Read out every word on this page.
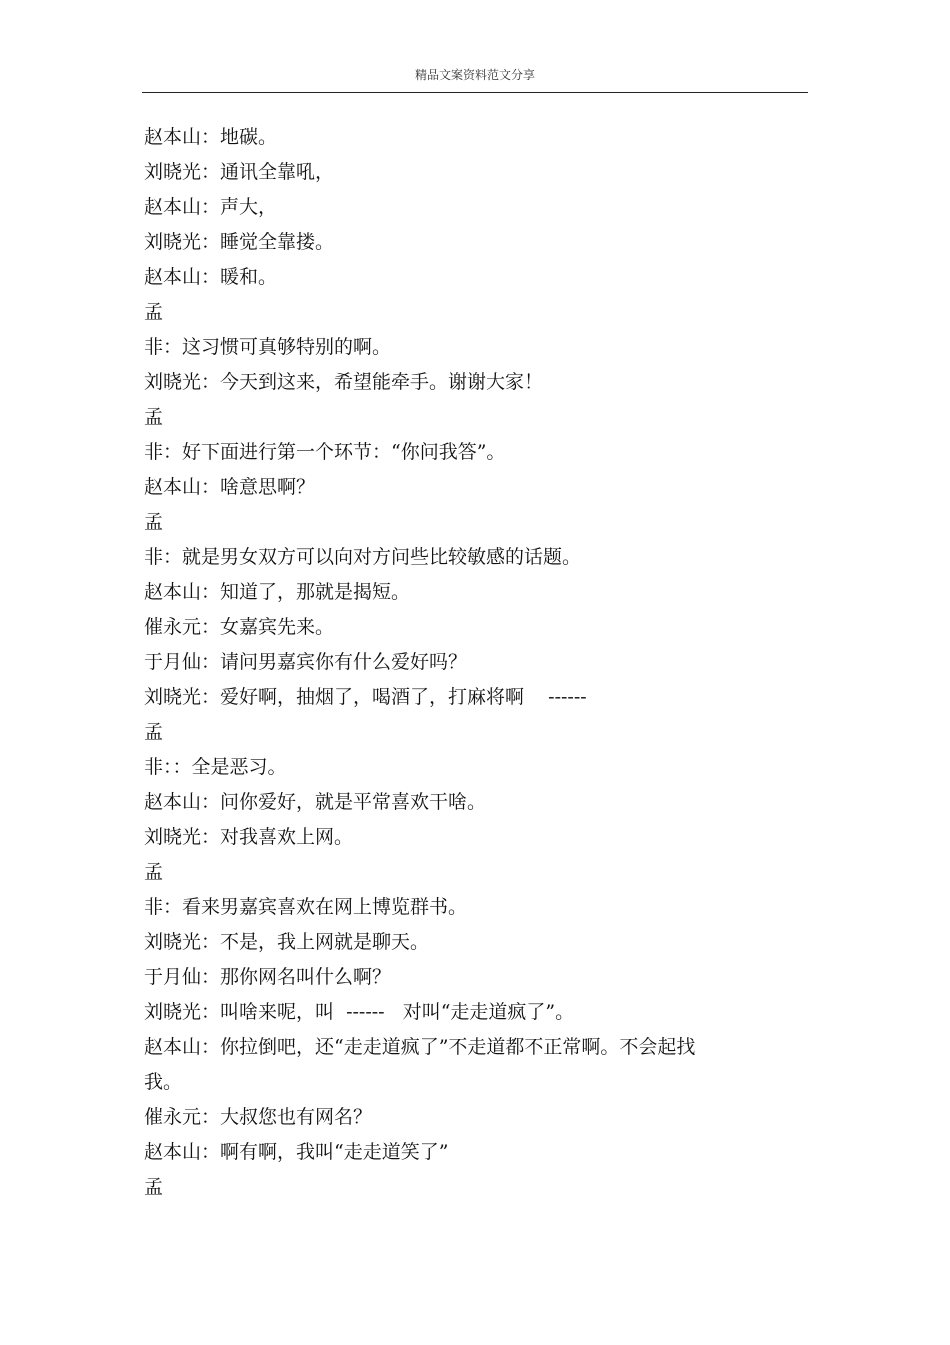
精品文案资料范文分享
赵本山：地碳。
刘晓光：通讯全靠吼，
赵本山：声大，
刘晓光：睡觉全靠搂。
赵本山：暖和。
孟
非：这习惯可真够特别的啊。
刘晓光：今天到这来，希望能牵手。谢谢大家！
孟
非：好下面进行第一个环节：“你问我答”。
赵本山：啥意思啊？
孟
非：就是男女双方可以向对方问些比较敏感的话题。
赵本山：知道了，那就是揭短。
催永元：女嘉宾先来。
于月仙：请问男嘉宾你有什么爱好吗？
刘晓光：爱好啊，抽烟了，喝酒了，打麻将啊    ------
孟
非：：全是恶习。
赵本山：问你爱好，就是平常喜欢干啥。
刘晓光：对我喜欢上网。
孟
非：看来男嘉宾喜欢在网上博览群书。
刘晓光：不是，我上网就是聊天。
于月仙：那你网名叫什么啊？
刘晓光：叫啥来呢，叫  ------   对叫“走走道疯了”。
赵本山：你拉倒吧，还“走走道疯了”不走道都不正常啊。不会起找
我。
催永元：大叔您也有网名？
赵本山：啊有啊，我叫“走走道笑了”
孟
